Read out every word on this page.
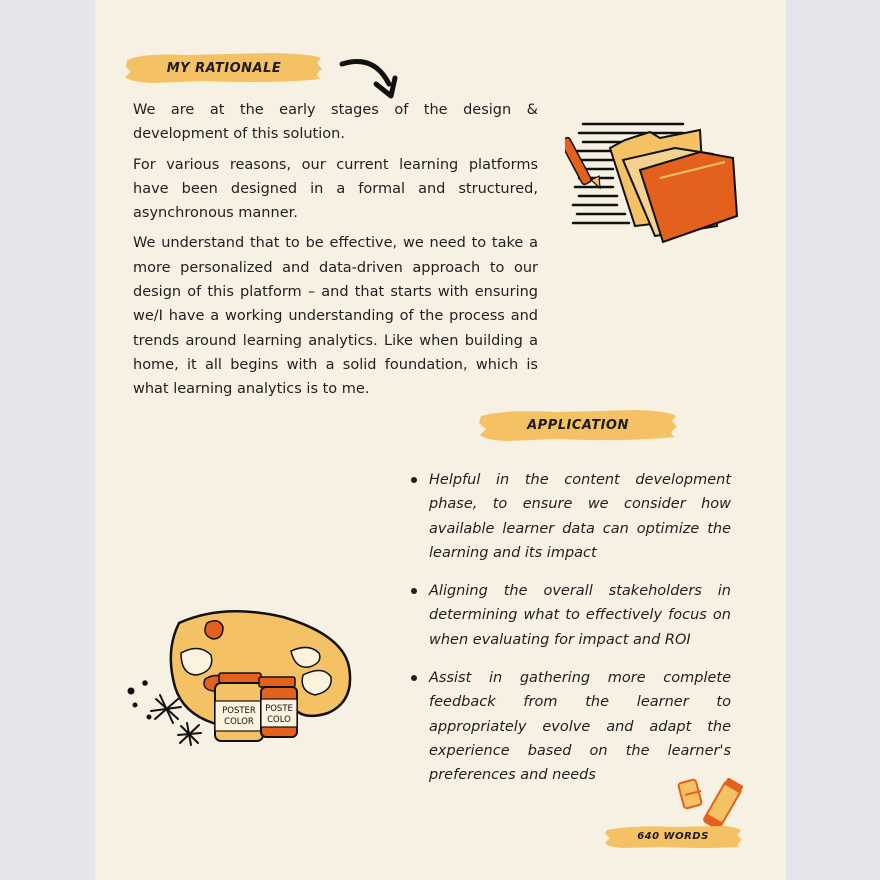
MY RATIONALE

We are at the early stages of the design & development of this solution.

For various reasons, our current learning platforms have been designed in a formal and structured, asynchronous manner.

We understand that to be effective, we need to take a more personalized and data-driven approach to our design of this platform – and that starts with ensuring we/I have a working understanding of the process and trends around learning analytics. Like when building a home, it all begins with a solid foundation, which is what learning analytics is to me.

APPLICATION
Helpful in the content development phase, to ensure we consider how available learner data can optimize the learning and its impact
Aligning the overall stakeholders in determining what to effectively focus on when evaluating for impact and ROI
Assist in gathering more complete feedback from the learner to appropriately evolve and adapt the experience based on the learner's preferences and needs
POSTER
COLOR
POSTE
COLO
640 WORDS
